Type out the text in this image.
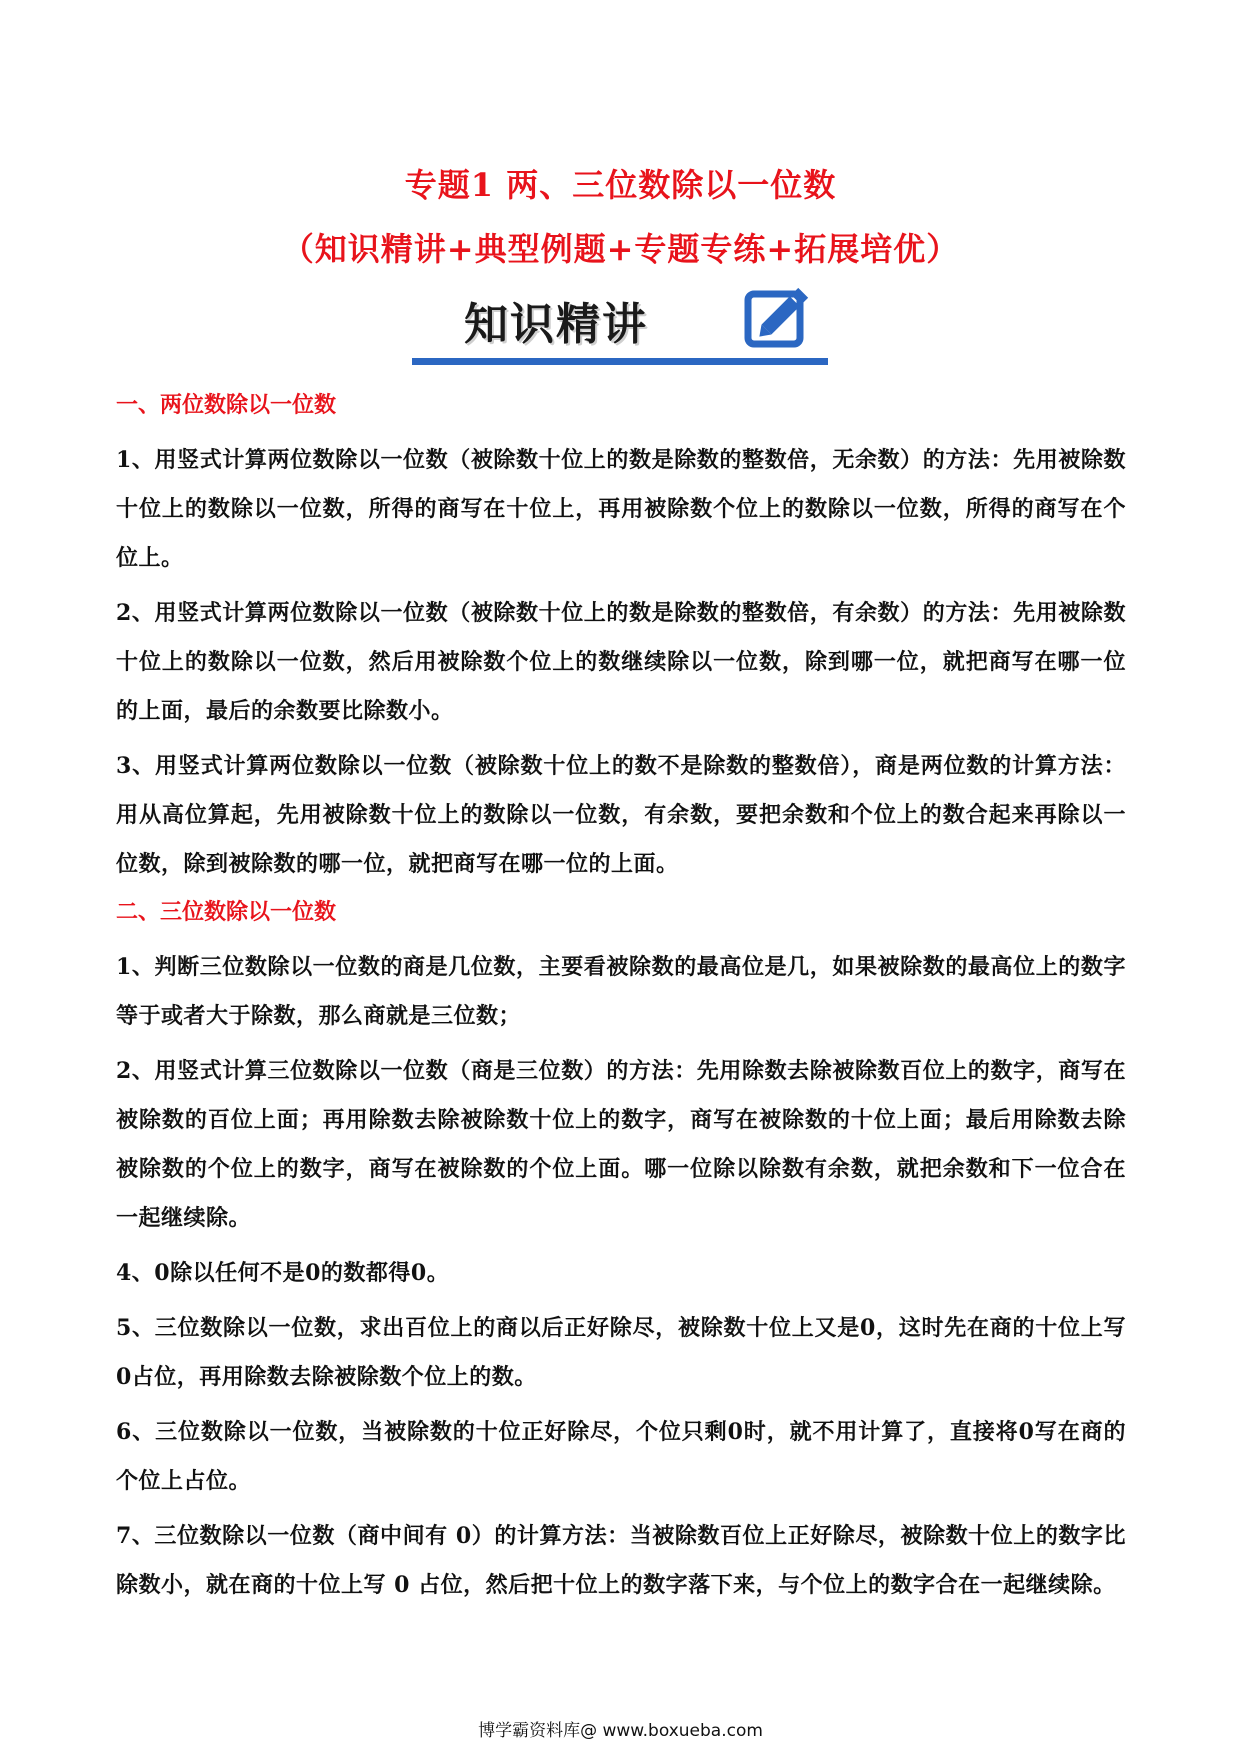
专题1 两、三位数除以一位数
（知识精讲+典型例题+专题专练+拓展培优）
知识精讲
一、两位数除以一位数

1、用竖式计算两位数除以一位数（被除数十位上的数是除数的整数倍，无余数）的方法：先用被除数十位上的数除以一位数，所得的商写在十位上，再用被除数个位上的数除以一位数，所得的商写在个位上。

2、用竖式计算两位数除以一位数（被除数十位上的数是除数的整数倍，有余数）的方法：先用被除数十位上的数除以一位数，然后用被除数个位上的数继续除以一位数，除到哪一位，就把商写在哪一位的上面，最后的余数要比除数小。

3、用竖式计算两位数除以一位数（被除数十位上的数不是除数的整数倍），商是两位数的计算方法：用从高位算起，先用被除数十位上的数除以一位数，有余数，要把余数和个位上的数合起来再除以一位数，除到被除数的哪一位，就把商写在哪一位的上面。

二、三位数除以一位数

1、判断三位数除以一位数的商是几位数，主要看被除数的最高位是几，如果被除数的最高位上的数字等于或者大于除数，那么商就是三位数；

2、用竖式计算三位数除以一位数（商是三位数）的方法：先用除数去除被除数百位上的数字，商写在被除数的百位上面；再用除数去除被除数十位上的数字，商写在被除数的十位上面；最后用除数去除被除数的个位上的数字，商写在被除数的个位上面。哪一位除以除数有余数，就把余数和下一位合在一起继续除。

4、0除以任何不是0的数都得0。

5、三位数除以一位数，求出百位上的商以后正好除尽，被除数十位上又是0，这时先在商的十位上写0占位，再用除数去除被除数个位上的数。

6、三位数除以一位数，当被除数的十位正好除尽，个位只剩0时，就不用计算了，直接将0写在商的个位上占位。

7、三位数除以一位数（商中间有 0）的计算方法：当被除数百位上正好除尽，被除数十位上的数字比除数小，就在商的十位上写 0 占位，然后把十位上的数字落下来，与个位上的数字合在一起继续除。

博学霸资料库@ www.boxueba.com
